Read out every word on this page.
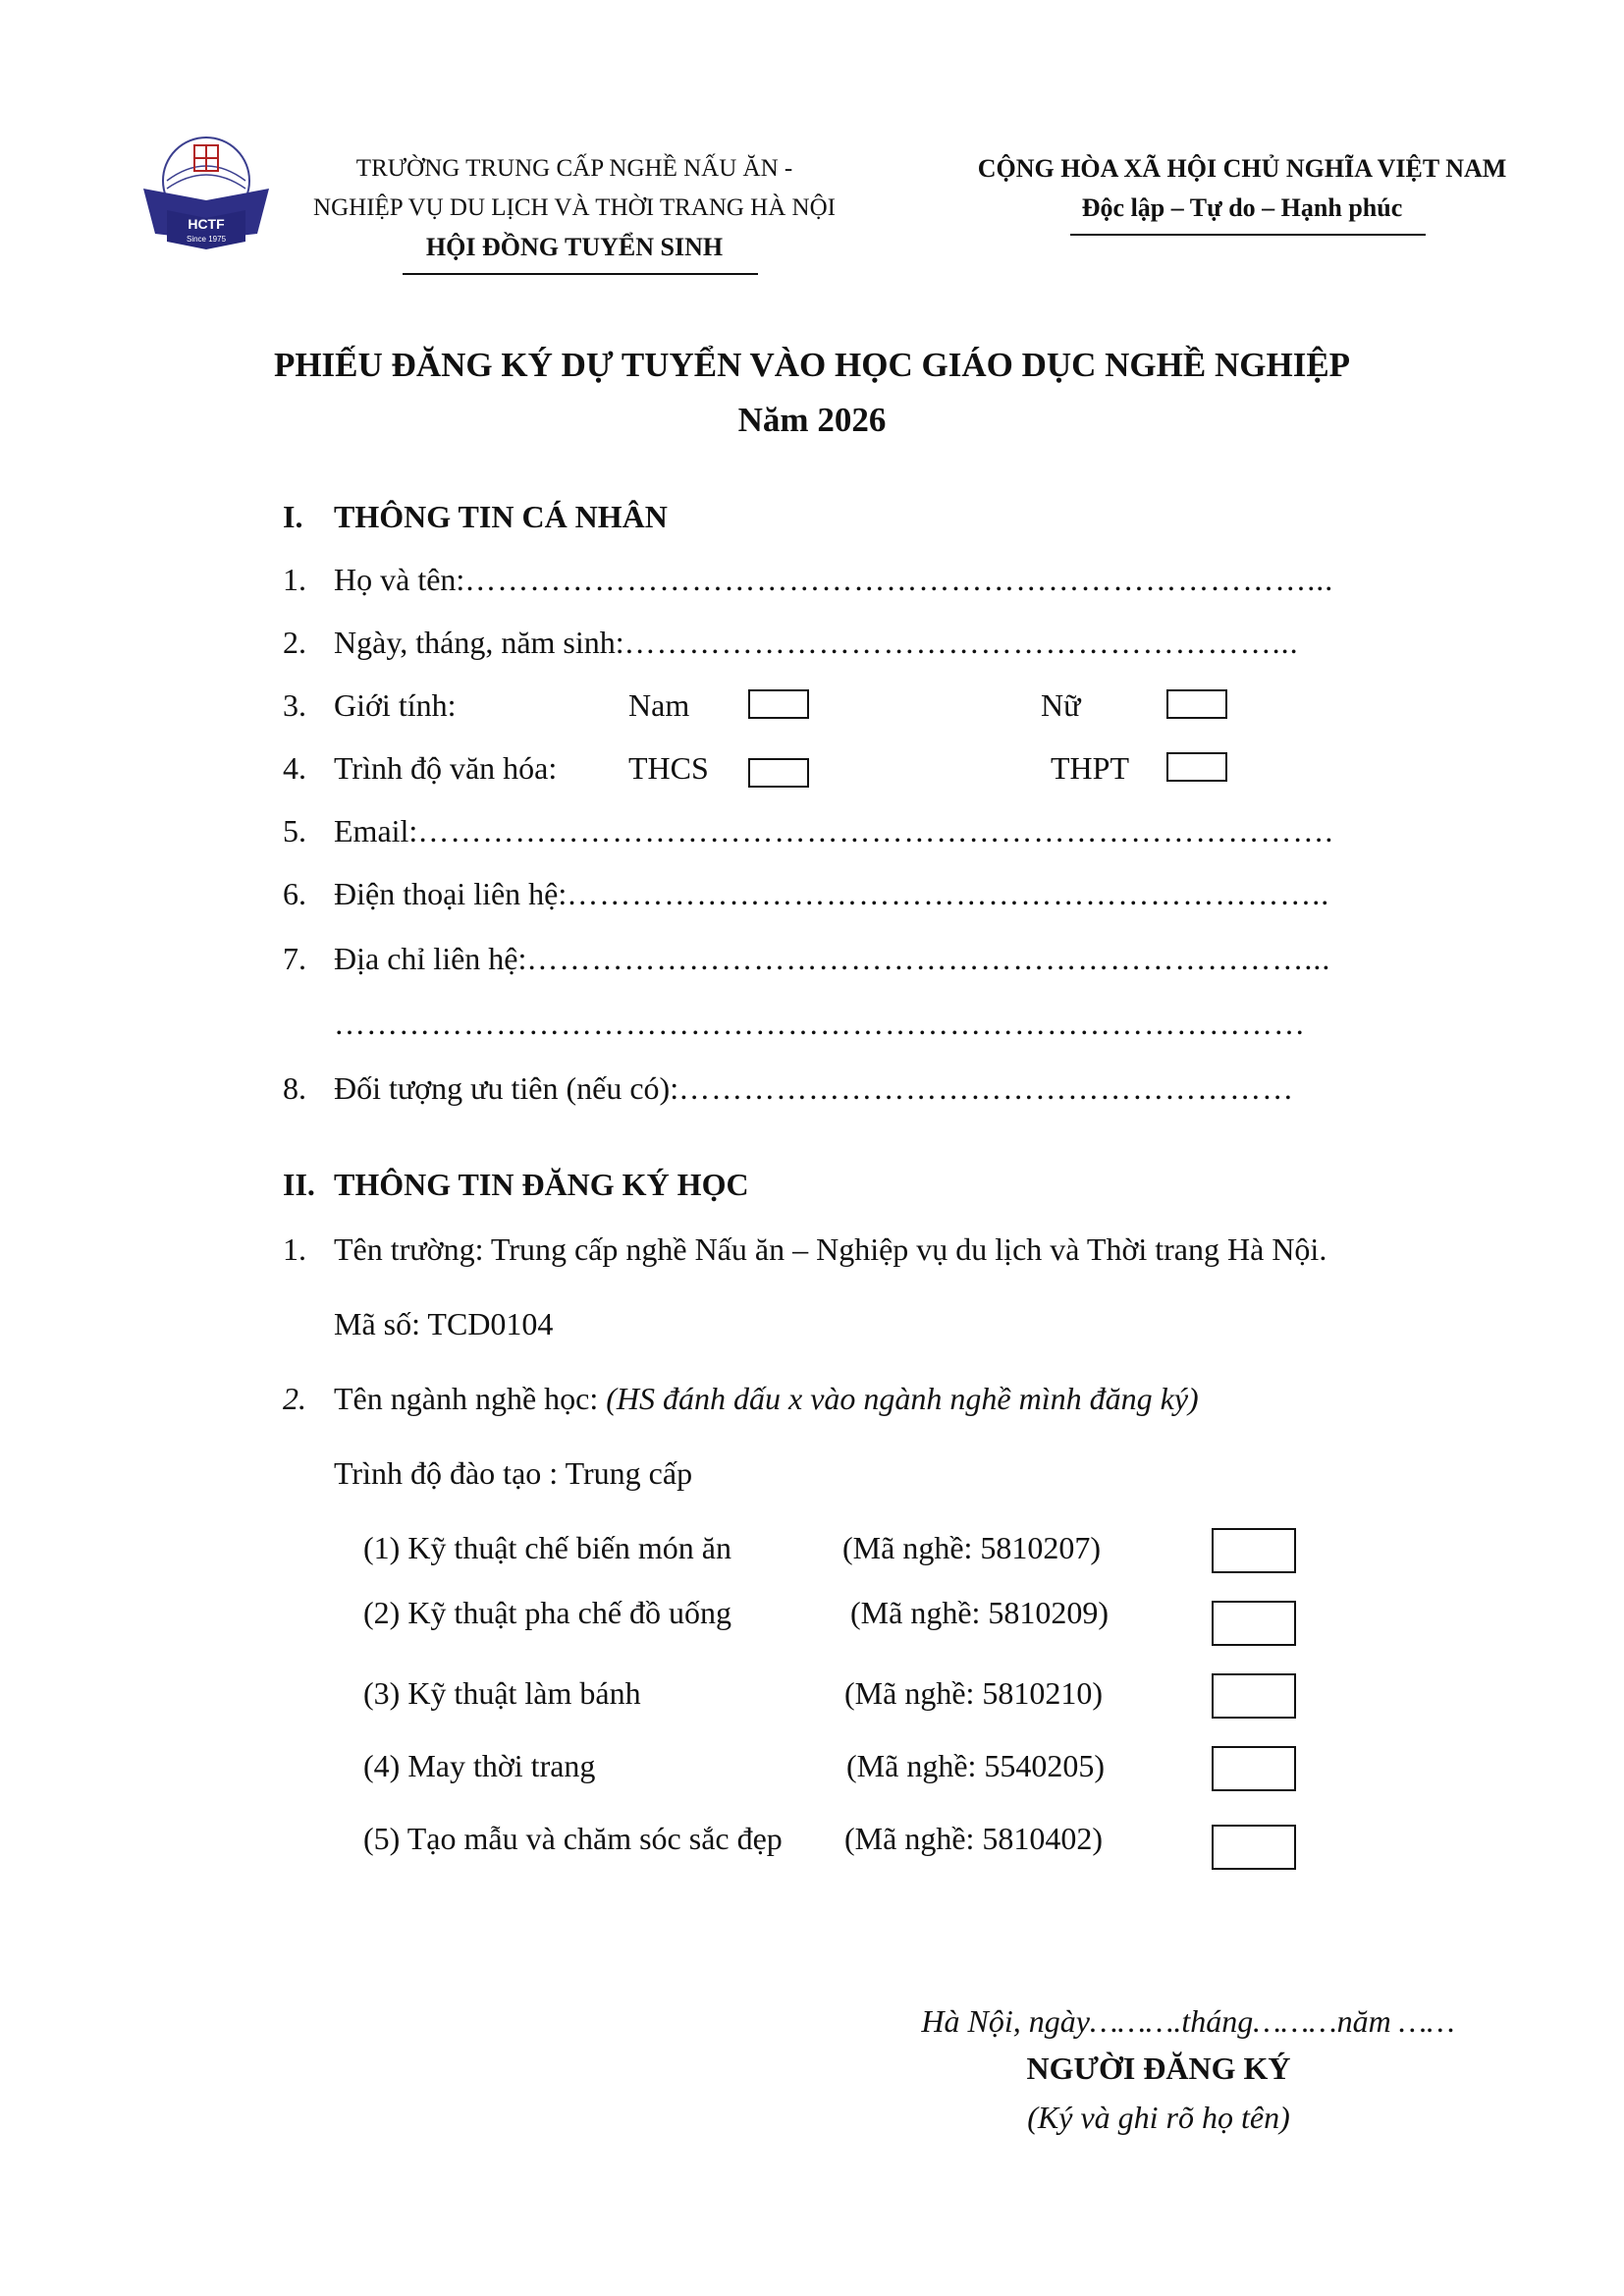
HCTF
Since 1975
TRƯỜNG TRUNG CẤP NGHỀ NẤU ĂN -
NGHIỆP VỤ DU LỊCH VÀ THỜI TRANG HÀ NỘI
HỘI ĐỒNG TUYỂN SINH
CỘNG HÒA XÃ HỘI CHỦ NGHĨA VIỆT NAM
Độc lập – Tự do – Hạnh phúc
PHIẾU ĐĂNG KÝ DỰ TUYỂN VÀO HỌC GIÁO DỤC NGHỀ NGHIỆP
Năm 2026
I. THÔNG TIN CÁ NHÂN
1. Họ và tên:……………………………………………………………………...
2. Ngày, tháng, năm sinh:……………………………………………………...
3. Giới tính:	Nam	Nữ
4. Trình độ văn hóa:	THCS	THPT
5. Email:………………………………………………………………………….
6. Điện thoại liên hệ:……………………………………………………………..
7. Địa chỉ liên hệ:………………………………………………………………...
………………………………………………………………………………
8. Đối tượng ưu tiên (nếu có):…………………………………………………
II. THÔNG TIN ĐĂNG KÝ HỌC
1. Tên trường: Trung cấp nghề Nấu ăn – Nghiệp vụ du lịch và Thời trang Hà Nội.
Mã số: TCD0104
2. Tên ngành nghề học: (HS đánh dấu x vào ngành nghề mình đăng ký)
Trình độ đào tạo : Trung cấp
(1) Kỹ thuật chế biến món ăn	(Mã nghề: 5810207)
(2) Kỹ thuật pha chế đồ uống	(Mã nghề: 5810209)
(3) Kỹ thuật làm bánh	(Mã nghề: 5810210)
(4) May thời trang	(Mã nghề: 5540205)
(5) Tạo mẫu và chăm sóc sắc đẹp (Mã nghề: 5810402)
Hà Nội, ngày……….tháng………năm ……
NGƯỜI ĐĂNG KÝ
(Ký và ghi rõ họ tên)
